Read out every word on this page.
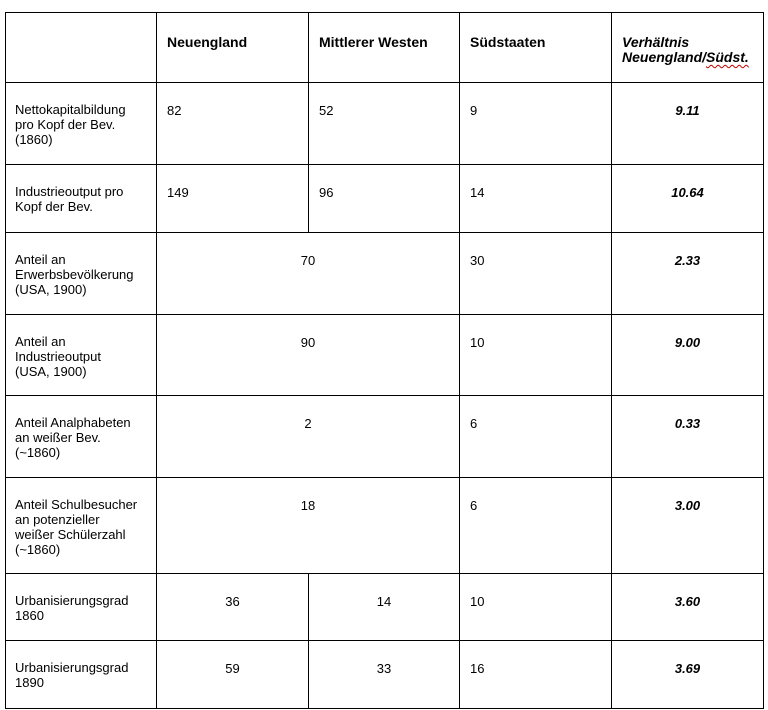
	Neuengland	Mittlerer Westen	Südstaaten	Verhältnis
Neuengland/Südst.
Nettokapitalbildung
pro Kopf der Bev.
(1860)	82	52	9	9.11
Industrieoutput pro
Kopf der Bev.	149	96	14	10.64
Anteil an
Erwerbsbevölkerung
(USA, 1900)	70		30	2.33
Anteil an
Industrieoutput
(USA, 1900)	90		10	9.00
Anteil Analphabeten
an weißer Bev.
(~1860)	2		6	0.33
Anteil Schulbesucher
an potenzieller
weißer Schülerzahl
(~1860)	18		6	3.00
Urbanisierungsgrad
1860	36	14	10	3.60
Urbanisierungsgrad
1890	59	33	16	3.69
